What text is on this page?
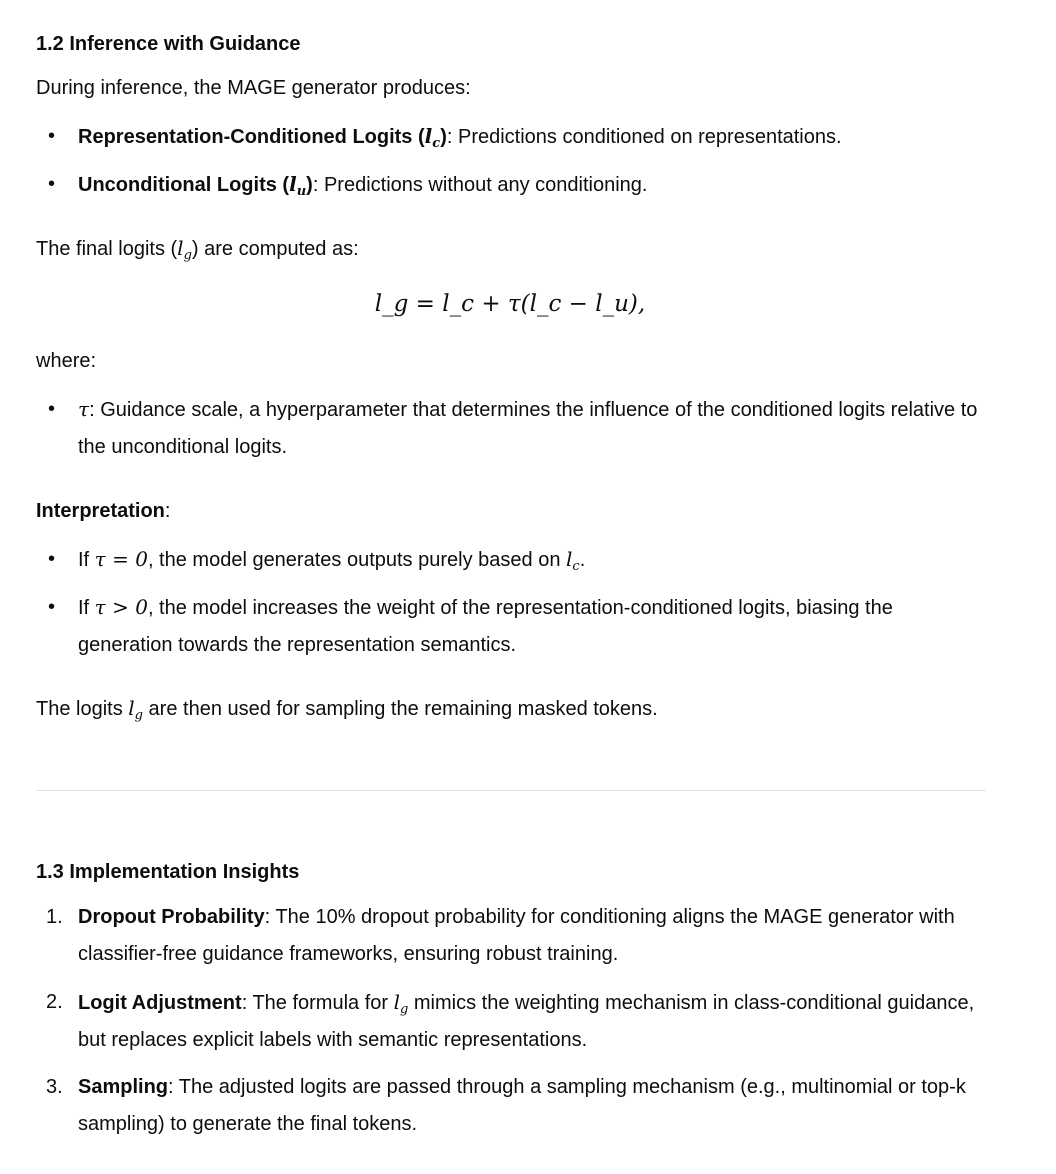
1.2 Inference with Guidance

During inference, the MAGE generator produces:

• Representation-Conditioned Logits $(l_c)$: Predictions conditioned on representations.
• Unconditional Logits $(l_u)$: Predictions without any conditioning.

The final logits $(l_g)$ are computed as:

l_g = l_c + τ(l_c − l_u),

where:

• τ: Guidance scale, a hyperparameter that determines the influence of the conditioned logits relative to the unconditional logits.

Interpretation:

• If τ = 0, the model generates outputs purely based on $l_c$.
• If τ > 0, the model increases the weight of the representation-conditioned logits, biasing the generation towards the representation semantics.

The logits $l_g$ are then used for sampling the remaining masked tokens.

1.3 Implementation Insights
1. Dropout Probability: The 10% dropout probability for conditioning aligns the MAGE generator with classifier-free guidance frameworks, ensuring robust training.
2. Logit Adjustment: The formula for $l_g$ mimics the weighting mechanism in class-conditional guidance, but replaces explicit labels with semantic representations.
3. Sampling: The adjusted logits are passed through a sampling mechanism (e.g., multinomial or top-k sampling) to generate the final tokens.
